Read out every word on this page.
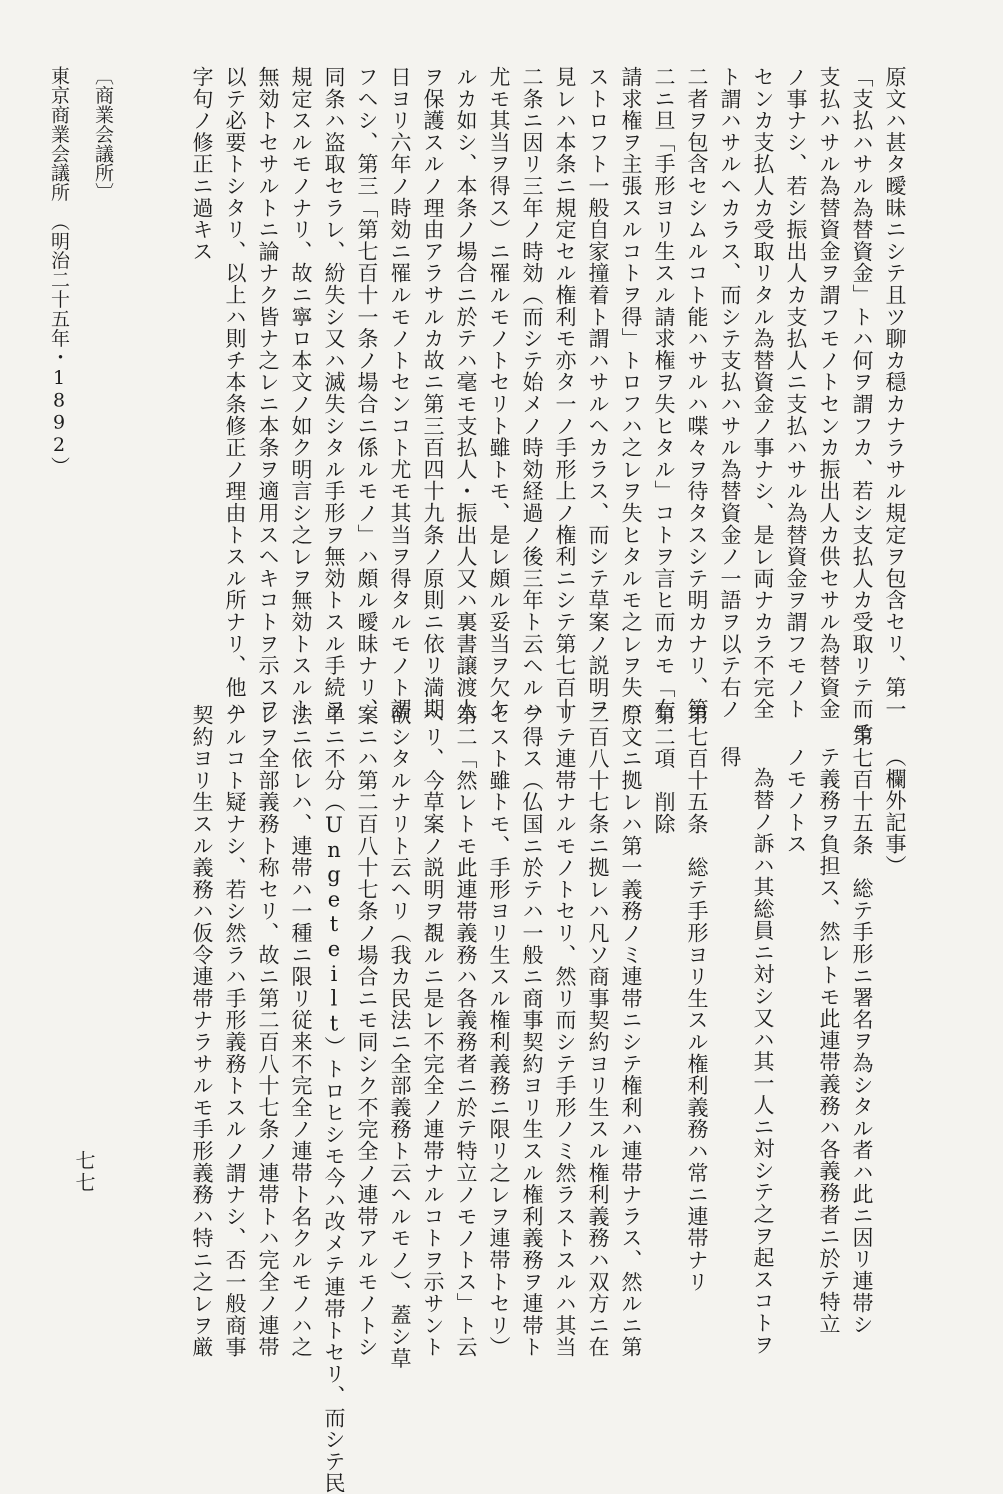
原文ハ甚タ曖昧ニシテ且ツ聊カ穏カナラサル規定ヲ包含セリ、第一

「支払ハサル為替資金」トハ何ヲ謂フカ、若シ支払人カ受取リテ而モ

支払ハサル為替資金ヲ謂フモノトセンカ振出人カ供セサル為替資金

ノ事ナシ、若シ振出人カ支払人ニ支払ハサル為替資金ヲ謂フモノト

センカ支払人カ受取リタル為替資金ノ事ナシ、是レ両ナカラ不完全

ト謂ハサルヘカラス、而シテ支払ハサル為替資金ノ一語ヲ以テ右ノ

二者ヲ包含セシムルコト能ハサルハ喋々ヲ待タスシテ明カナリ、第

二ニ旦「手形ヨリ生スル請求権ヲ失ヒタル」コトヲ言ヒ而カモ「右

請求権ヲ主張スルコトヲ得」トロフハ之レヲ失ヒタルモ之レヲ失ハ

ストロフト一般自家撞着ト謂ハサルヘカラス、而シテ草案ノ説明ヲ

見レハ本条ニ規定セル権利モ亦タ一ノ手形上ノ権利ニシテ第七百十

二条ニ因リ三年ノ時効（而シテ始メノ時効経過ノ後三年ト云ヘルハ

尤モ其当ヲ得ス）ニ罹ルモノトセリト雖トモ、是レ頗ル妥当ヲ欠ケ

ルカ如シ、本条ノ場合ニ於テハ毫モ支払人・振出人又ハ裏書譲渡人

ヲ保護スルノ理由アラサルカ故ニ第三百四十九条ノ原則ニ依リ満期

日ヨリ六年ノ時効ニ罹ルモノトセンコト尤モ其当ヲ得タルモノト謂

フヘシ、第三「第七百十一条ノ場合ニ係ルモノ」ハ頗ル曖昧ナリ、

同条ハ盗取セラレ、紛失シ又ハ滅失シタル手形ヲ無効トスル手続ヲ

規定スルモノナリ、故ニ寧ロ本文ノ如ク明言シ之レヲ無効トスルト

無効トセサルトニ論ナク皆ナ之レニ本条ヲ適用スヘキコトヲ示スヲ

以テ必要トシタリ、以上ハ則チ本条修正ノ理由トスル所ナリ、他ハ

字句ノ修正ニ過キス

〔商業会議所〕

東京商業会議所　（明治二十五年・1892）

（欄外記事）

第七百十五条　総テ手形ニ署名ヲ為シタル者ハ此ニ因リ連帯シ

テ義務ヲ負担ス、然レトモ此連帯義務ハ各義務者ニ於テ特立

ノモノトス

為替ノ訴ハ其総員ニ対シ又ハ其一人ニ対シテ之ヲ起スコトヲ

得

第七百十五条　総テ手形ヨリ生スル権利義務ハ常ニ連帯ナリ

第二項　削除

原文ニ拠レハ第一義務ノミ連帯ニシテ権利ハ連帯ナラス、然ルニ第

二百八十七条ニ拠レハ凡ソ商事契約ヨリ生スル権利義務ハ双方ニ在

リテ連帯ナルモノトセリ、然リ而シテ手形ノミ然ラストスルハ其当

ヲ得ス（仏国ニ於テハ一般ニ商事契約ヨリ生スル権利義務ヲ連帯ト

セスト雖トモ、手形ヨリ生スル権利義務ニ限リ之レヲ連帯トセリ）

第二「然レトモ此連帯義務ハ各義務者ニ於テ特立ノモノトス」ト云

ヘリ、今草案ノ説明ヲ覩ルニ是レ不完全ノ連帯ナルコトヲ示サント

欲シタルナリト云ヘリ（我カ民法ニ全部義務ト云ヘルモノ）、蓋シ草

案ニハ第二百八十七条ノ場合ニモ同シク不完全ノ連帯アルモノトシ

単ニ不分（Ungeteilt）トロヒシモ今ハ改メテ連帯トセリ、而シテ民

法ニ依レハ、連帯ハ一種ニ限リ従来不完全ノ連帯ト名クルモノハ之

レヲ全部義務ト称セリ、故ニ第二百八十七条ノ連帯トハ完全ノ連帯

ナルコト疑ナシ、若シ然ラハ手形義務トスルノ謂ナシ、否一般商事

契約ヨリ生スル義務ハ仮令連帯ナラサルモ手形義務ハ特ニ之レヲ厳

七七
